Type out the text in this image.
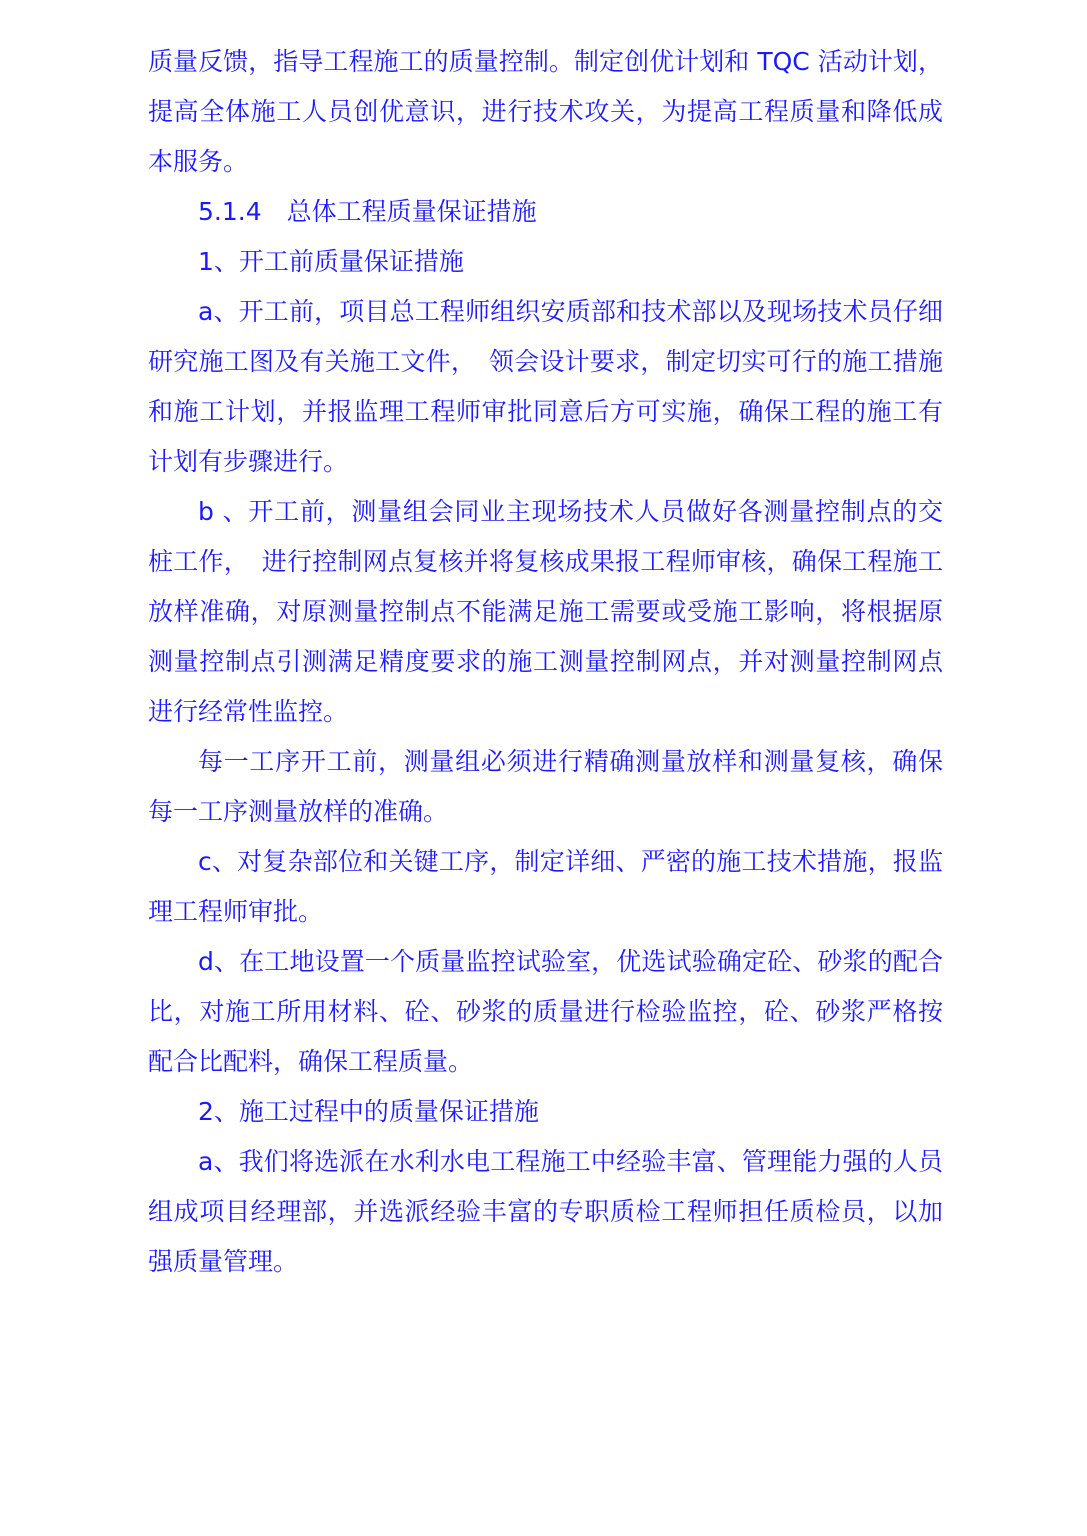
质量反馈，指导工程施工的质量控制。制定创优计划和 TQC 活动计划，提高全体施工人员创优意识，进行技术攻关，为提高工程质量和降低成本服务。

5.1.4　总体工程质量保证措施

1、开工前质量保证措施

a、开工前，项目总工程师组织安质部和技术部以及现场技术员仔细研究施工图及有关施工文件，　领会设计要求，制定切实可行的施工措施和施工计划，并报监理工程师审批同意后方可实施，确保工程的施工有计划有步骤进行。

b 、开工前，测量组会同业主现场技术人员做好各测量控制点的交桩工作，　进行控制网点复核并将复核成果报工程师审核，确保工程施工放样准确，对原测量控制点不能满足施工需要或受施工影响，将根据原测量控制点引测满足精度要求的施工测量控制网点，并对测量控制网点进行经常性监控。

每一工序开工前，测量组必须进行精确测量放样和测量复核，确保每一工序测量放样的准确。

c、对复杂部位和关键工序，制定详细、严密的施工技术措施，报监理工程师审批。

d、在工地设置一个质量监控试验室，优选试验确定砼、砂浆的配合比，对施工所用材料、砼、砂浆的质量进行检验监控，砼、砂浆严格按配合比配料，确保工程质量。

2、施工过程中的质量保证措施

a、我们将选派在水利水电工程施工中经验丰富、管理能力强的人员组成项目经理部，并选派经验丰富的专职质检工程师担任质检员，以加强质量管理。
